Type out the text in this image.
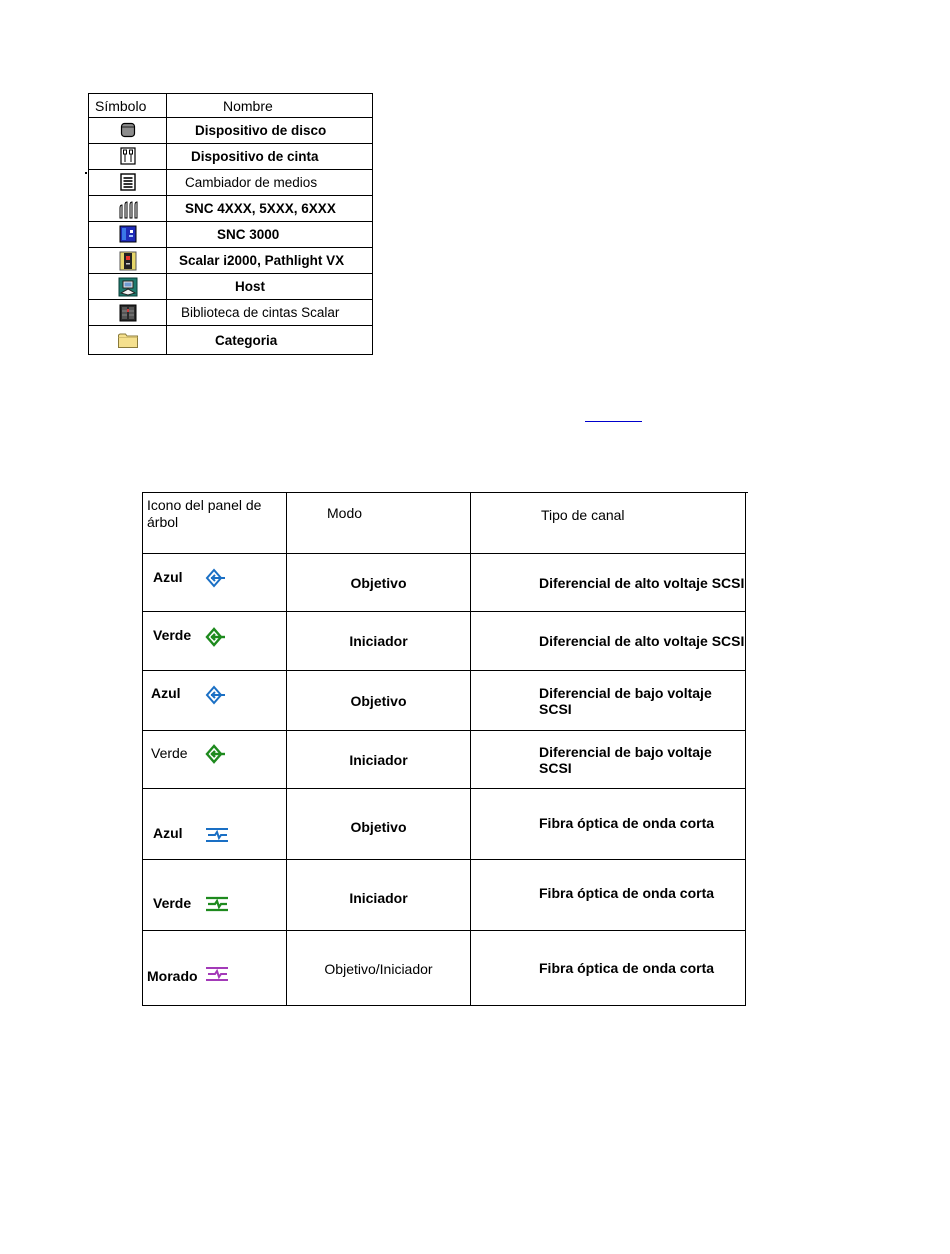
Símbolo	Nombre
	Dispositivo de disco
	Dispositivo de cinta
	Cambiador de medios
	SNC 4XXX, 5XXX, 6XXX
	SNC 3000
	Scalar i2000, Pathlight VX
	Host
	Biblioteca de cintas Scalar
	Categoria
Icono del panel de árbol	Modo	Tipo de canal

Azul	Objetivo	Diferencial de alto voltaje SCSI

Verde	Iniciador	Diferencial de alto voltaje SCSI

Azul	Objetivo	Diferencial de bajo voltaje SCSI

Verde	Iniciador	Diferencial de bajo voltaje SCSI

Azul	Objetivo	Fibra óptica de onda corta

Verde	Iniciador	Fibra óptica de onda corta

Morado	Objetivo/Iniciador	Fibra óptica de onda corta
